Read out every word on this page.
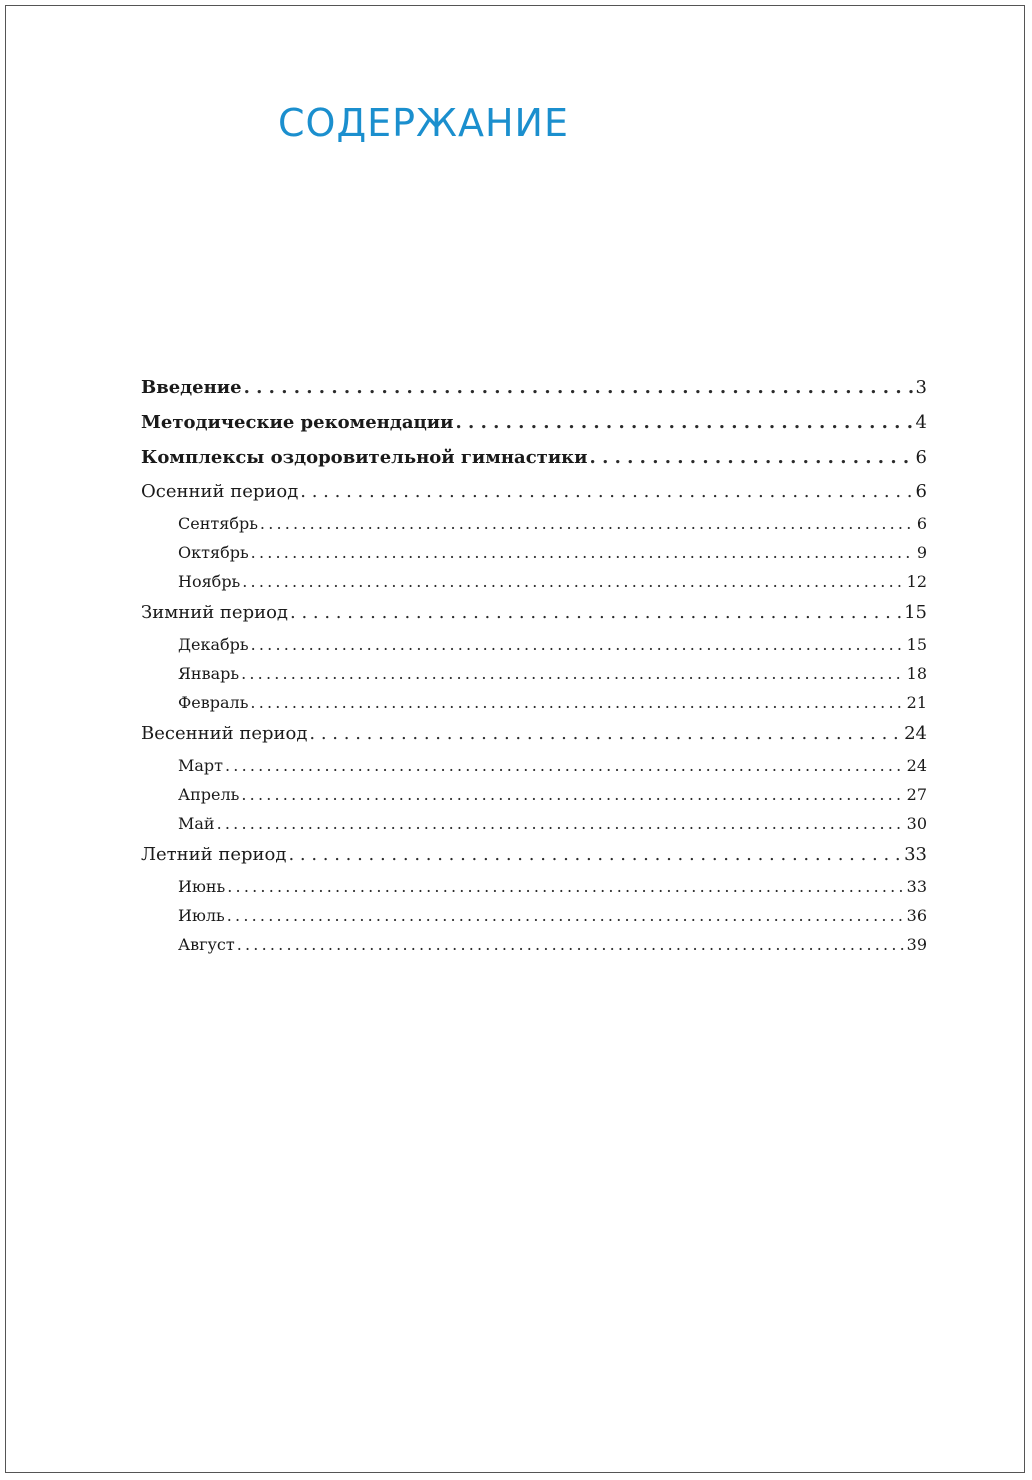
СОДЕРЖАНИЕ
Введение . . .	3
Методические рекомендации . . .	4
Комплексы оздоровительной гимнастики . . .	6
Осенний период . . .	6
Сентябрь .....	6
Октябрь .....	9
Ноябрь .....	12
Зимний период . . .	15
Декабрь .....	15
Январь .....	18
Февраль .....	21
Весенний период . . .	24
Март .....	24
Апрель .....	27
Май .....	30
Летний период . . .	33
Июнь .....	33
Июль .....	36
Август .....	39
